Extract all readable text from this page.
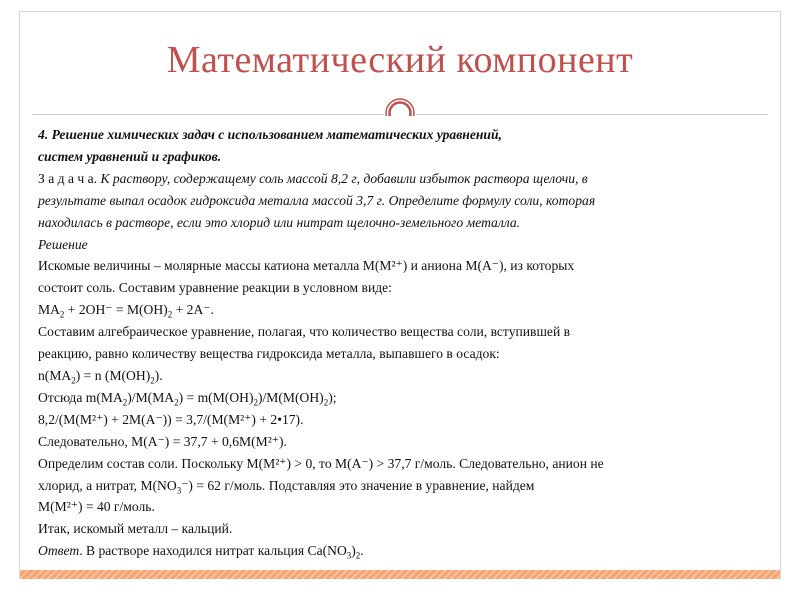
Математический компонент
4. Решение химических задач с использованием математических уравнений,
систем уравнений и графиков.
З а д а ч а. К раствору, содержащему соль массой 8,2 г, добавили избыток раствора щелочи, в
результате выпал осадок гидроксида металла массой 3,7 г. Определите формулу соли, которая
находилась в растворе, если это хлорид или нитрат щелочно-земельного металла.
Решение
Искомые величины – молярные массы катиона металла M(M²⁺) и аниона M(A⁻), из которых
состоит соль. Составим уравнение реакции в условном виде:
$MA_2 + 2OH^- = M(OH)_2 + 2A^-$.
Составим алгебраическое уравнение, полагая, что количество вещества соли, вступившей в
реакцию, равно количеству вещества гидроксида металла, выпавшего в осадок:
$n(MA_2) = n$ $(M(OH)_2)$.
Отсюда $m(MA_2)/M(MA_2) = m(M(OH)_2)/M(M(OH)_2)$;
8,2/(M(M²⁺) + 2M(A⁻)) = 3,7/(M(M²⁺) + 2•17).
Следовательно, M(A⁻) = 37,7 + 0,6M(M²⁺).
Определим состав соли. Поскольку M(M²⁺) > 0, то M(A⁻) > 37,7 г/моль. Следовательно, анион не
хлорид, а нитрат, $M(NO_3^-) = 62$ г/моль. Подставляя это значение в уравнение, найдем
M(M²⁺) = 40 г/моль.
Итак, искомый металл – кальций.
Ответ. В растворе находился нитрат кальция $Ca(NO_3)_2$.
